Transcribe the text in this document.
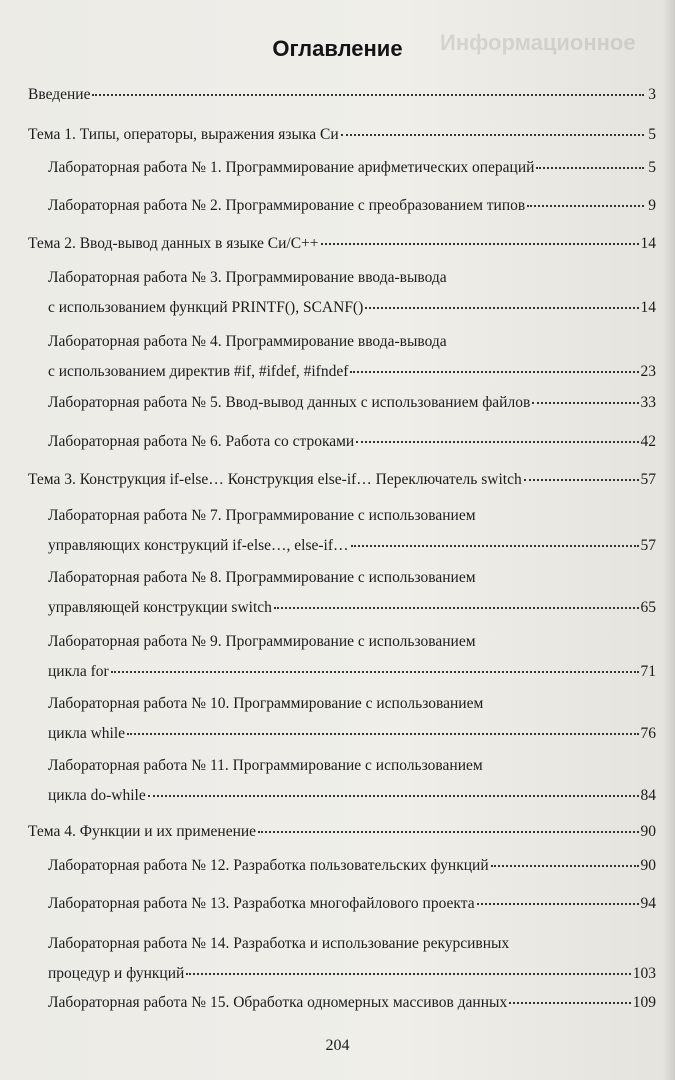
Информационное
Оглавление
Введение	3
Тема 1. Типы, операторы, выражения языка Си	5
Лабораторная работа № 1. Программирование арифметических операций	5
Лабораторная работа № 2. Программирование с преобразованием типов	9
Тема 2. Ввод-вывод данных в языке Си/С++	14
Лабораторная работа № 3. Программирование ввода-вывода
с использованием функций PRINTF(), SCANF()	14
Лабораторная работа № 4. Программирование ввода-вывода
с использованием директив #if, #ifdef, #ifndef	23
Лабораторная работа № 5. Ввод-вывод данных с использованием файлов	33
Лабораторная работа № 6. Работа со строками	42
Тема 3. Конструкция if-else… Конструкция else-if… Переключатель switch	57
Лабораторная работа № 7. Программирование с использованием
управляющих конструкций if-else…, else-if…	57
Лабораторная работа № 8. Программирование с использованием
управляющей конструкции switch	65
Лабораторная работа № 9. Программирование с использованием
цикла for	71
Лабораторная работа № 10. Программирование с использованием
цикла while	76
Лабораторная работа № 11. Программирование с использованием
цикла do-while	84
Тема 4. Функции и их применение	90
Лабораторная работа № 12. Разработка пользовательских функций	90
Лабораторная работа № 13. Разработка многофайлового проекта	94
Лабораторная работа № 14. Разработка и использование рекурсивных
процедур и функций	103
Лабораторная работа № 15. Обработка одномерных массивов данных	109
204
